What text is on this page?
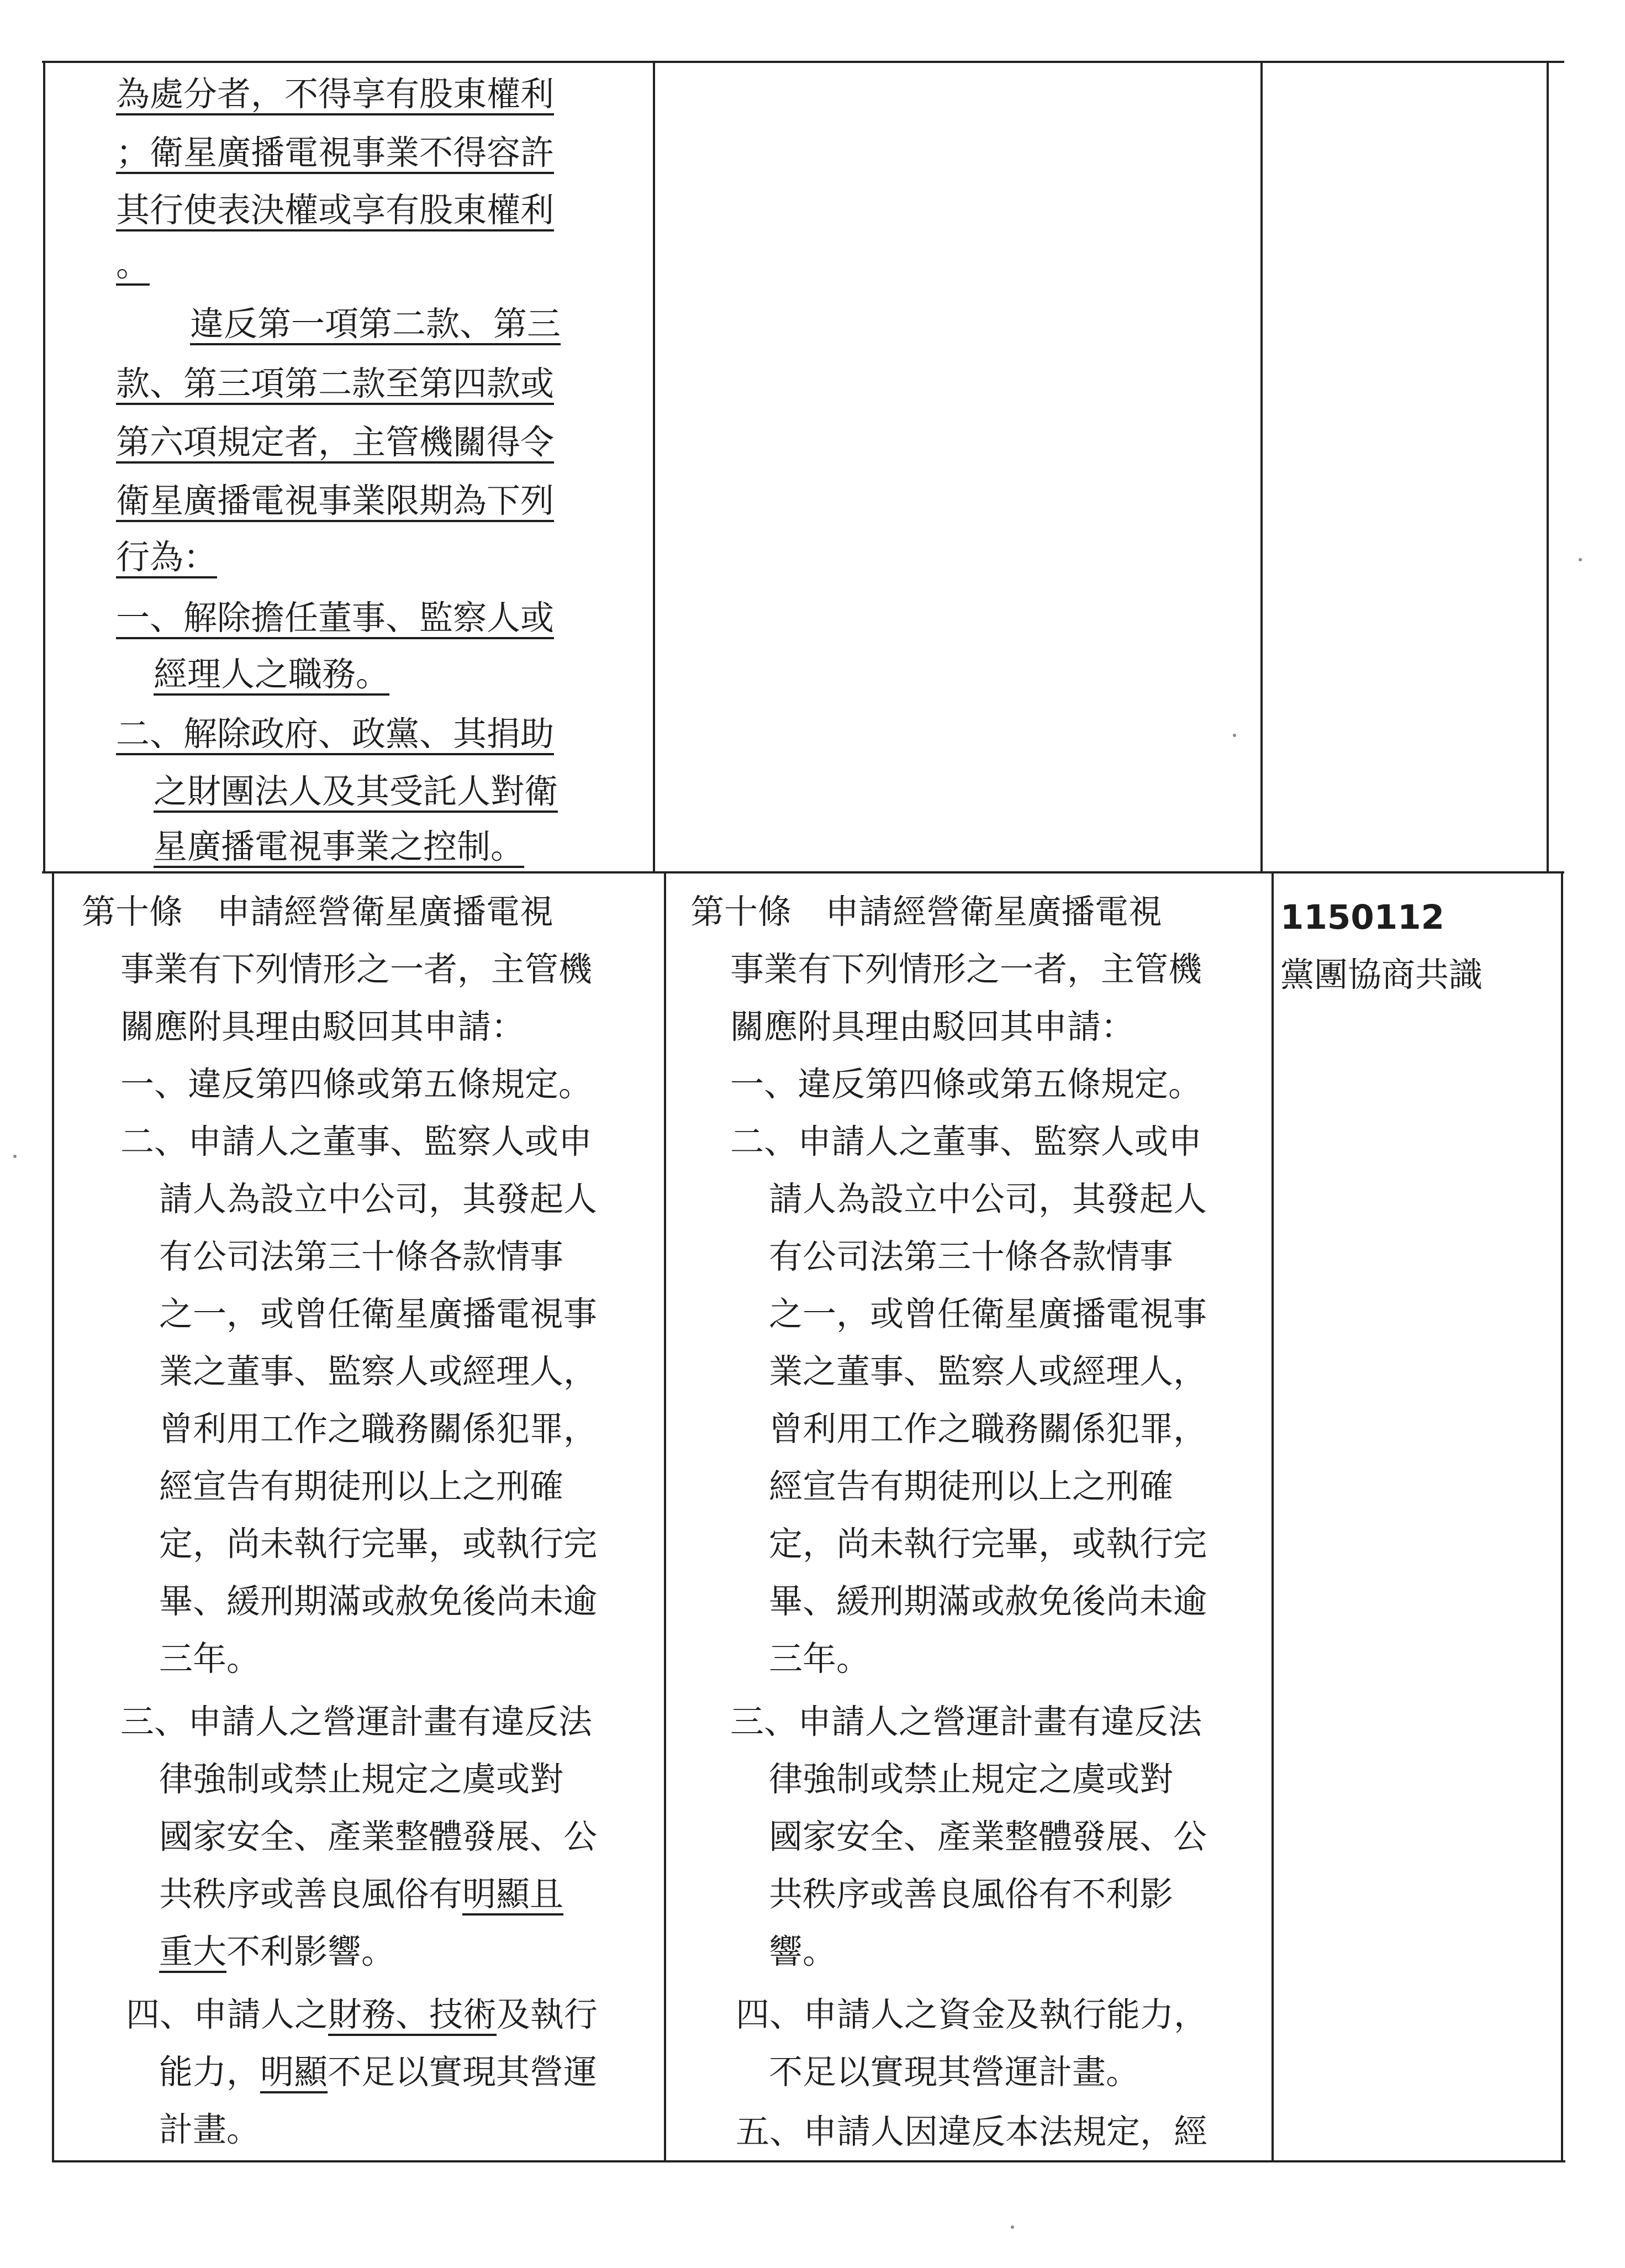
為處分者，不得享有股東權利
；衛星廣播電視事業不得容許
其行使表決權或享有股東權利
。
違反第一項第二款、第三
款、第三項第二款至第四款或
第六項規定者，主管機關得令
衛星廣播電視事業限期為下列
行為：
一、解除擔任董事、監察人或
經理人之職務。
二、解除政府、政黨、其捐助
之財團法人及其受託人對衛
星廣播電視事業之控制。
第十條　申請經營衛星廣播電視
事業有下列情形之一者，主管機
關應附具理由駁回其申請：
一、違反第四條或第五條規定。
二、申請人之董事、監察人或申
請人為設立中公司，其發起人
有公司法第三十條各款情事
之一，或曾任衛星廣播電視事
業之董事、監察人或經理人，
曾利用工作之職務關係犯罪，
經宣告有期徒刑以上之刑確
定，尚未執行完畢，或執行完
畢、緩刑期滿或赦免後尚未逾
三年。
三、申請人之營運計畫有違反法
律強制或禁止規定之虞或對
國家安全、產業整體發展、公
共秩序或善良風俗有明顯且
重大不利影響。
四、申請人之財務、技術及執行
能力，明顯不足以實現其營運
計畫。
第十條　申請經營衛星廣播電視
事業有下列情形之一者，主管機
關應附具理由駁回其申請：
一、違反第四條或第五條規定。
二、申請人之董事、監察人或申
請人為設立中公司，其發起人
有公司法第三十條各款情事
之一，或曾任衛星廣播電視事
業之董事、監察人或經理人，
曾利用工作之職務關係犯罪，
經宣告有期徒刑以上之刑確
定，尚未執行完畢，或執行完
畢、緩刑期滿或赦免後尚未逾
三年。
三、申請人之營運計畫有違反法
律強制或禁止規定之虞或對
國家安全、產業整體發展、公
共秩序或善良風俗有不利影
響。
四、申請人之資金及執行能力，
不足以實現其營運計畫。
五、申請人因違反本法規定，經
1150112
黨團協商共識
